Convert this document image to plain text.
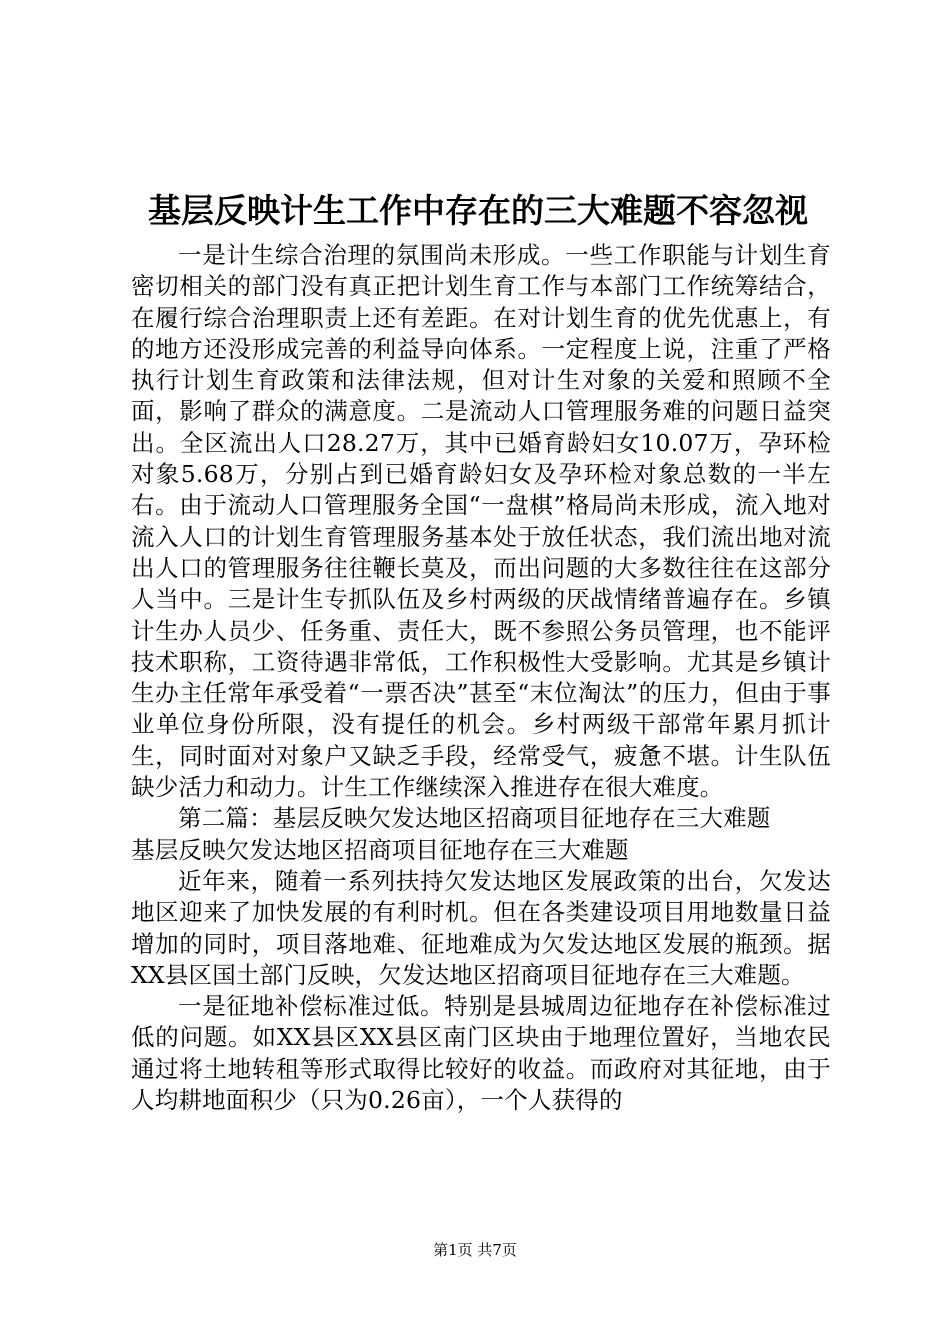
基层反映计生工作中存在的三大难题不容忽视

一是计生综合治理的氛围尚未形成。一些工作职能与计划生育密切相关的部门没有真正把计划生育工作与本部门工作统筹结合，在履行综合治理职责上还有差距。在对计划生育的优先优惠上，有的地方还没形成完善的利益导向体系。一定程度上说，注重了严格执行计划生育政策和法律法规，但对计生对象的关爱和照顾不全面，影响了群众的满意度。二是流动人口管理服务难的问题日益突出。全区流出人口28.27万，其中已婚育龄妇女10.07万，孕环检对象5.68万，分别占到已婚育龄妇女及孕环检对象总数的一半左右。由于流动人口管理服务全国“一盘棋”格局尚未形成，流入地对流入人口的计划生育管理服务基本处于放任状态，我们流出地对流出人口的管理服务往往鞭长莫及，而出问题的大多数往往在这部分人当中。三是计生专抓队伍及乡村两级的厌战情绪普遍存在。乡镇计生办人员少、任务重、责任大，既不参照公务员管理，也不能评技术职称，工资待遇非常低，工作积极性大受影响。尤其是乡镇计生办主任常年承受着“一票否决”甚至“末位淘汰”的压力，但由于事业单位身份所限，没有提任的机会。乡村两级干部常年累月抓计生，同时面对对象户又缺乏手段，经常受气，疲惫不堪。计生队伍缺少活力和动力。计生工作继续深入推进存在很大难度。

第二篇：基层反映欠发达地区招商项目征地存在三大难题

基层反映欠发达地区招商项目征地存在三大难题

近年来，随着一系列扶持欠发达地区发展政策的出台，欠发达地区迎来了加快发展的有利时机。但在各类建设项目用地数量日益增加的同时，项目落地难、征地难成为欠发达地区发展的瓶颈。据XX县区国土部门反映，欠发达地区招商项目征地存在三大难题。

一是征地补偿标准过低。特别是县城周边征地存在补偿标准过低的问题。如XX县区XX县区南门区块由于地理位置好，当地农民通过将土地转租等形式取得比较好的收益。而政府对其征地，由于人均耕地面积少（只为0.26亩），一个人获得的

第1页 共7页
